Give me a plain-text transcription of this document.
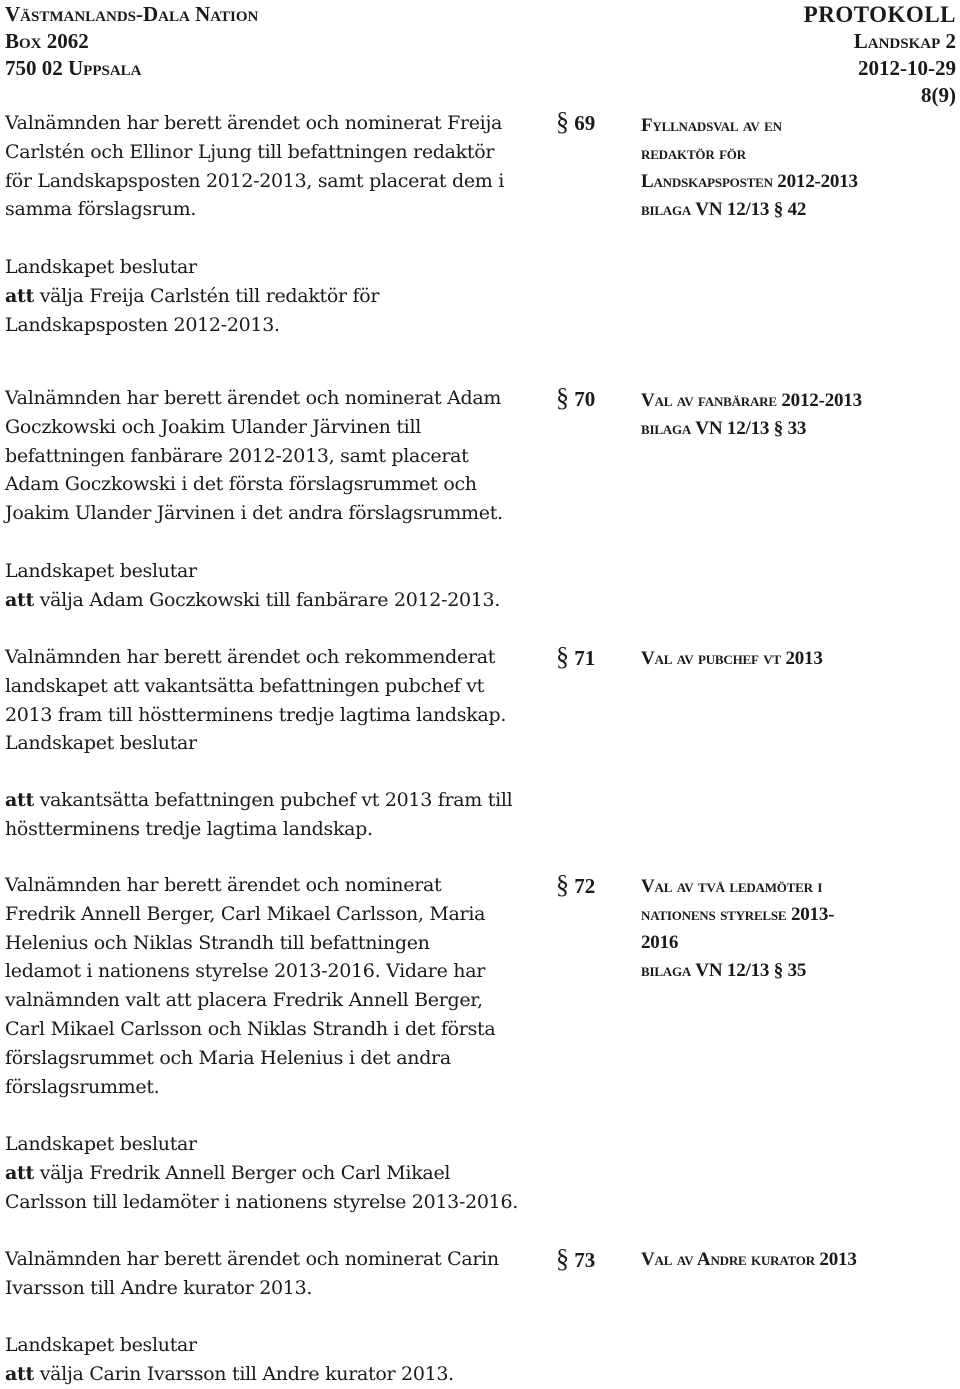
Västmanlands-Dala Nation
Box 2062
750 02 Uppsala
PROTOKOLL
Landskap 2
2012-10-29
8(9)

Valnämnden har berett ärendet och nominerat Freija
Carlstén och Ellinor Ljung till befattningen redaktör
för Landskapsposten 2012-2013, samt placerat dem i
samma förslagsrum.

§ 69 Fyllnadsval av en
redaktör för
Landskapsposten 2012-2013
bilaga VN 12/13 § 42

Landskapet beslutar
att välja Freija Carlstén till redaktör för
Landskapsposten 2012-2013.

Valnämnden har berett ärendet och nominerat Adam
Goczkowski och Joakim Ulander Järvinen till
befattningen fanbärare 2012-2013, samt placerat
Adam Goczkowski i det första förslagsrummet och
Joakim Ulander Järvinen i det andra förslagsrummet.

§ 70 Val av fanbärare 2012-2013
bilaga VN 12/13 § 33

Landskapet beslutar
att välja Adam Goczkowski till fanbärare 2012-2013.

Valnämnden har berett ärendet och rekommenderat
landskapet att vakantsätta befattningen pubchef vt
2013 fram till höstterminens tredje lagtima landskap.
Landskapet beslutar

§ 71 Val av pubchef vt 2013

att vakantsätta befattningen pubchef vt 2013 fram till
höstterminens tredje lagtima landskap.

Valnämnden har berett ärendet och nominerat
Fredrik Annell Berger, Carl Mikael Carlsson, Maria
Helenius och Niklas Strandh till befattningen
ledamot i nationens styrelse 2013-2016. Vidare har
valnämnden valt att placera Fredrik Annell Berger,
Carl Mikael Carlsson och Niklas Strandh i det första
förslagsrummet och Maria Helenius i det andra
förslagsrummet.

§ 72 Val av två ledamöter i
nationens styrelse 2013-
2016
bilaga VN 12/13 § 35

Landskapet beslutar
att välja Fredrik Annell Berger och Carl Mikael
Carlsson till ledamöter i nationens styrelse 2013-2016.

Valnämnden har berett ärendet och nominerat Carin
Ivarsson till Andre kurator 2013.

§ 73 Val av Andre kurator 2013

Landskapet beslutar
att välja Carin Ivarsson till Andre kurator 2013.
